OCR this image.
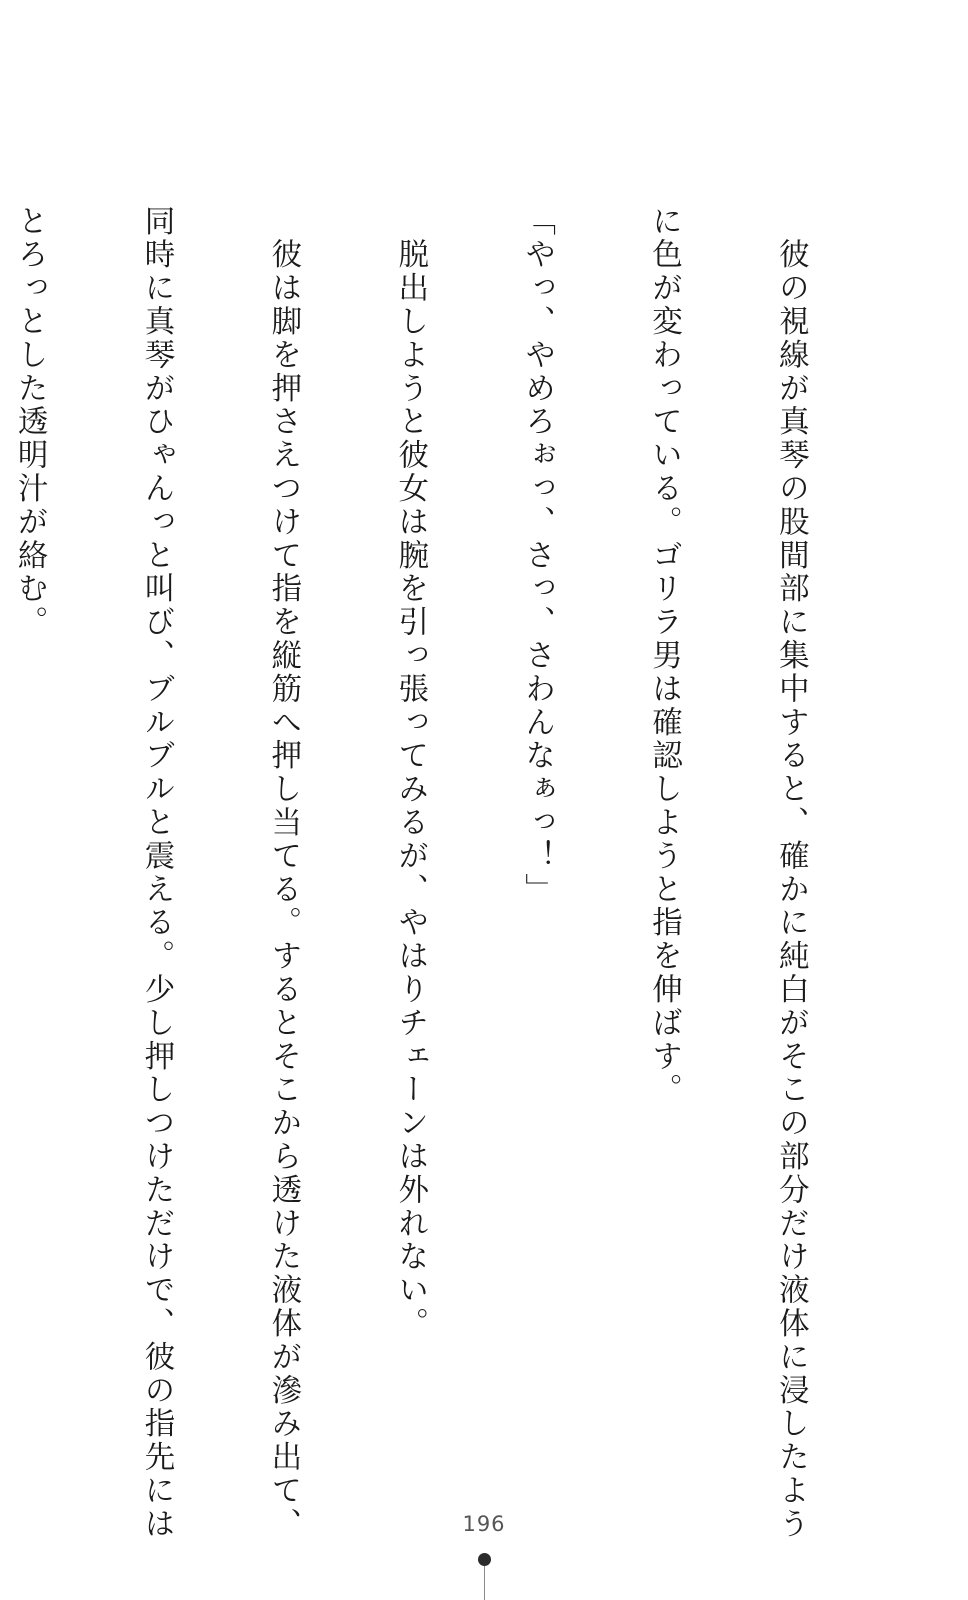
　彼の視線が真琴の股間部に集中すると、確かに純白がそこの部分だけ液体に浸したよう

に色が変わっている。ゴリラ男は確認しようと指を伸ばす。

「やっ、やめろぉっ、さっ、さわんなぁっ！」

　脱出しようと彼女は腕を引っ張ってみるが、やはりチェーンは外れない。

　彼は脚を押さえつけて指を縦筋へ押し当てる。するとそこから透けた液体が滲み出て、

同時に真琴がひゃんっと叫び、ブルブルと震える。少し押しつけただけで、彼の指先には

とろっとした透明汁が絡む。

196
